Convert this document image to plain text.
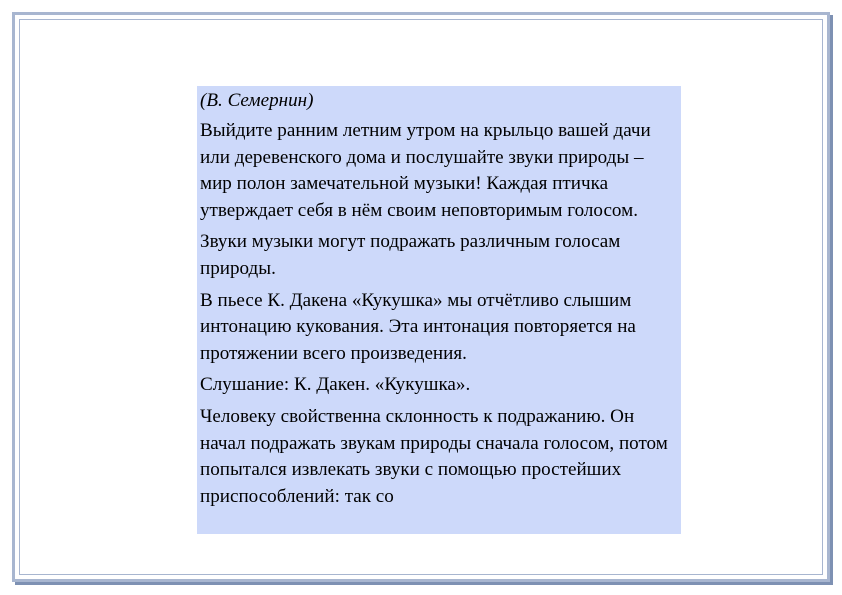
(В. Семернин)

Выйдите ранним летним утром на крыльцо вашей дачи или деревенского дома и послушайте звуки природы – мир полон замечательной музыки! Каждая птичка утверждает себя в нём своим неповторимым голосом.

Звуки музыки могут подражать различным голосам природы.

В пьесе К. Дакена «Кукушка» мы отчётливо слышим интонацию кукования. Эта интонация повторяется на протяжении всего произведения.

Слушание: К. Дакен. «Кукушка».

Человеку свойственна склонность к подражанию. Он начал подражать звукам природы сначала голосом, потом попытался извлекать звуки с помощью простейших приспособлений: так со
